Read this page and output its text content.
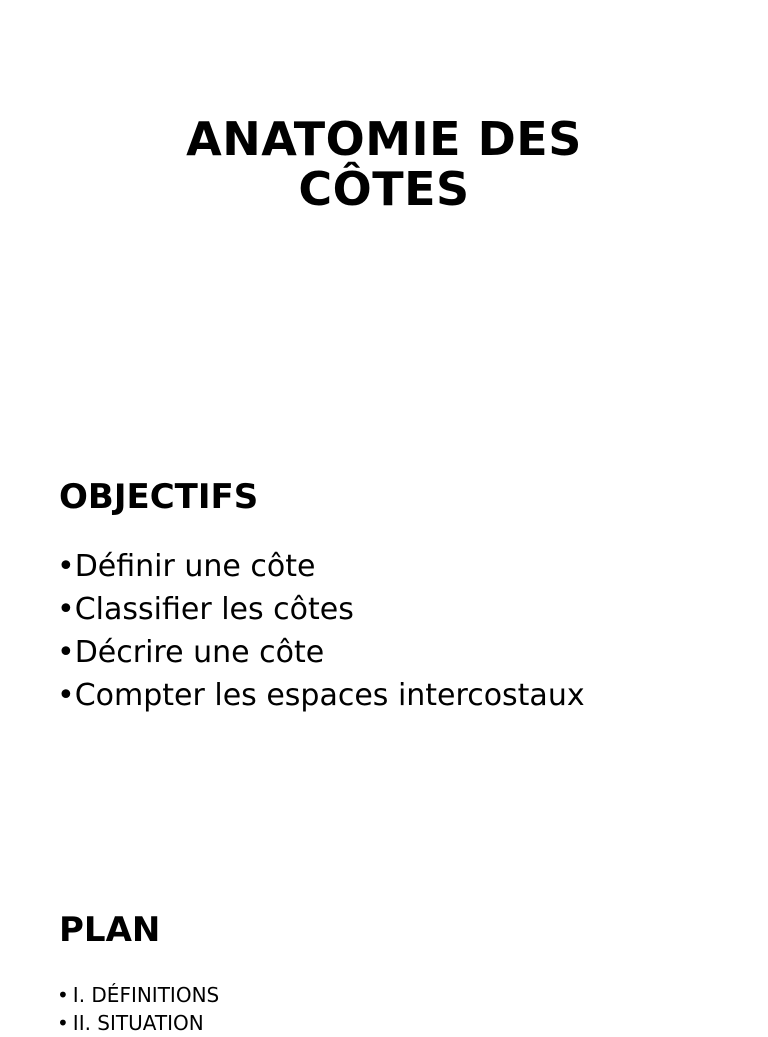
ANATOMIE DES
CÔTES
OBJECTIFS
•Définir une côte
•Classifier les côtes
•Décrire une côte
•Compter les espaces intercostaux
PLAN
• I. DÉFINITIONS
• II. SITUATION
